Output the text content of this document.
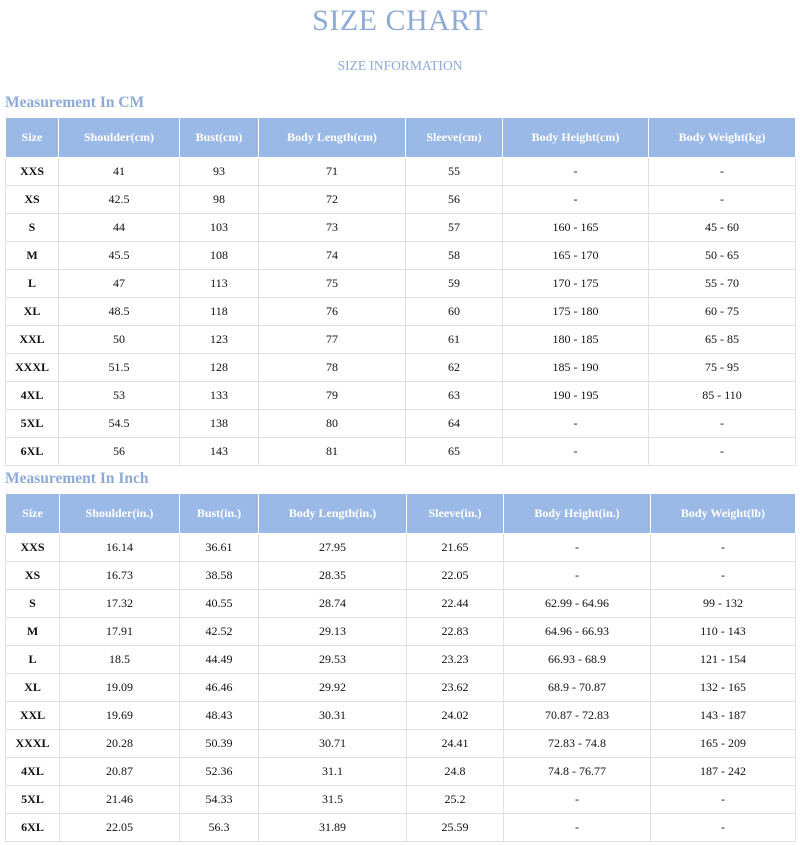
SIZE CHART
SIZE INFORMATION
Measurement In CM
Size	Shoulder(cm)	Bust(cm)	Body Length(cm)	Sleeve(cm)	Body Height(cm)	Body Weight(kg)
XXS	41	93	71	55	-	-
XS	42.5	98	72	56	-	-
S	44	103	73	57	160 - 165	45 - 60
M	45.5	108	74	58	165 - 170	50 - 65
L	47	113	75	59	170 - 175	55 - 70
XL	48.5	118	76	60	175 - 180	60 - 75
XXL	50	123	77	61	180 - 185	65 - 85
XXXL	51.5	128	78	62	185 - 190	75 - 95
4XL	53	133	79	63	190 - 195	85 - 110
5XL	54.5	138	80	64	-	-
6XL	56	143	81	65	-	-
Measurement In Inch
Size	Shoulder(in.)	Bust(in.)	Body Length(in.)	Sleeve(in.)	Body Height(in.)	Body Weight(lb)
XXS	16.14	36.61	27.95	21.65	-	-
XS	16.73	38.58	28.35	22.05	-	-
S	17.32	40.55	28.74	22.44	62.99 - 64.96	99 - 132
M	17.91	42.52	29.13	22.83	64.96 - 66.93	110 - 143
L	18.5	44.49	29.53	23.23	66.93 - 68.9	121 - 154
XL	19.09	46.46	29.92	23.62	68.9 - 70.87	132 - 165
XXL	19.69	48.43	30.31	24.02	70.87 - 72.83	143 - 187
XXXL	20.28	50.39	30.71	24.41	72.83 - 74.8	165 - 209
4XL	20.87	52.36	31.1	24.8	74.8 - 76.77	187 - 242
5XL	21.46	54.33	31.5	25.2	-	-
6XL	22.05	56.3	31.89	25.59	-	-
